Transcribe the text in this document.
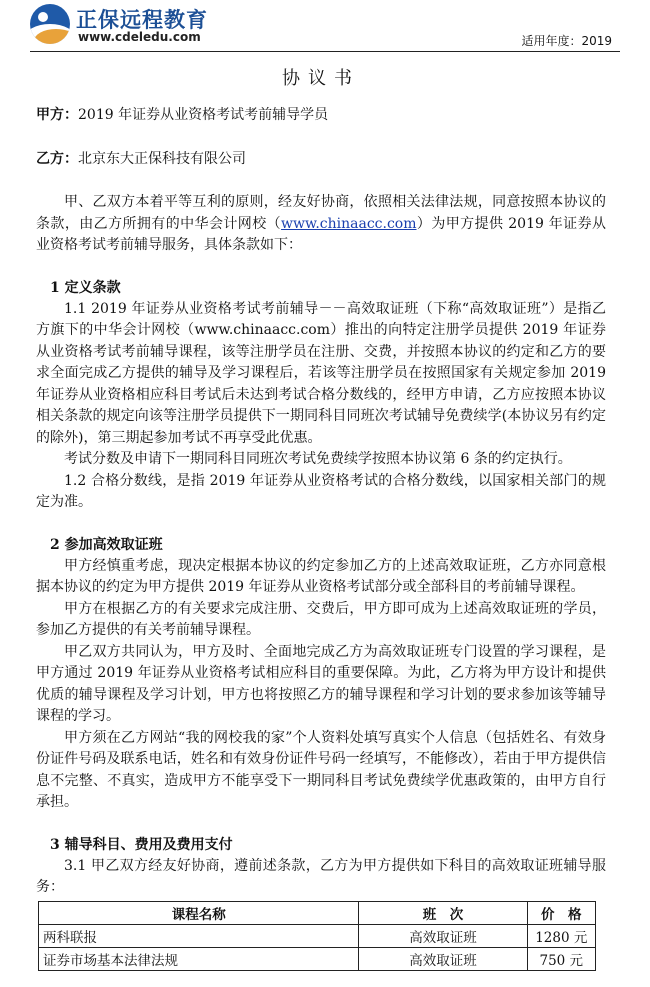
正保远程教育
www.cdeledu.com	适用年度：2019
协议书

甲方：2019 年证券从业资格考试考前辅导学员

乙方：北京东大正保科技有限公司

甲、乙双方本着平等互利的原则，经友好协商，依照相关法律法规，同意按照本协议的条款，由乙方所拥有的中华会计网校（www.chinaacc.com）为甲方提供 2019 年证券从业资格考试考前辅导服务，具体条款如下：

1 定义条款

1.1 2019 年证券从业资格考试考前辅导－－高效取证班（下称“高效取证班”）是指乙方旗下的中华会计网校（www.chinaacc.com）推出的向特定注册学员提供 2019 年证券从业资格考试考前辅导课程，该等注册学员在注册、交费，并按照本协议的约定和乙方的要求全面完成乙方提供的辅导及学习课程后，若该等注册学员在按照国家有关规定参加 2019 年证券从业资格相应科目考试后未达到考试合格分数线的，经甲方申请，乙方应按照本协议相关条款的规定向该等注册学员提供下一期同科目同班次考试辅导免费续学(本协议另有约定的除外)，第三期起参加考试不再享受此优惠。

考试分数及申请下一期同科目同班次考试免费续学按照本协议第 6 条的约定执行。

1.2 合格分数线，是指 2019 年证券从业资格考试的合格分数线，以国家相关部门的规定为准。

2 参加高效取证班

甲方经慎重考虑，现决定根据本协议的约定参加乙方的上述高效取证班，乙方亦同意根据本协议的约定为甲方提供 2019 年证券从业资格考试部分或全部科目的考前辅导课程。

甲方在根据乙方的有关要求完成注册、交费后，甲方即可成为上述高效取证班的学员，参加乙方提供的有关考前辅导课程。

甲乙双方共同认为，甲方及时、全面地完成乙方为高效取证班专门设置的学习课程，是甲方通过 2019 年证券从业资格考试相应科目的重要保障。为此，乙方将为甲方设计和提供优质的辅导课程及学习计划，甲方也将按照乙方的辅导课程和学习计划的要求参加该等辅导课程的学习。

甲方须在乙方网站“我的网校我的家”个人资料处填写真实个人信息（包括姓名、有效身份证件号码及联系电话，姓名和有效身份证件号码一经填写，不能修改），若由于甲方提供信息不完整、不真实，造成甲方不能享受下一期同科目考试免费续学优惠政策的，由甲方自行承担。

3 辅导科目、费用及费用支付

3.1 甲乙双方经友好协商，遵前述条款，乙方为甲方提供如下科目的高效取证班辅导服务：

课程名称	班　次	价　格
两科联报	高效取证班	1280 元
证券市场基本法律法规	高效取证班	750 元
